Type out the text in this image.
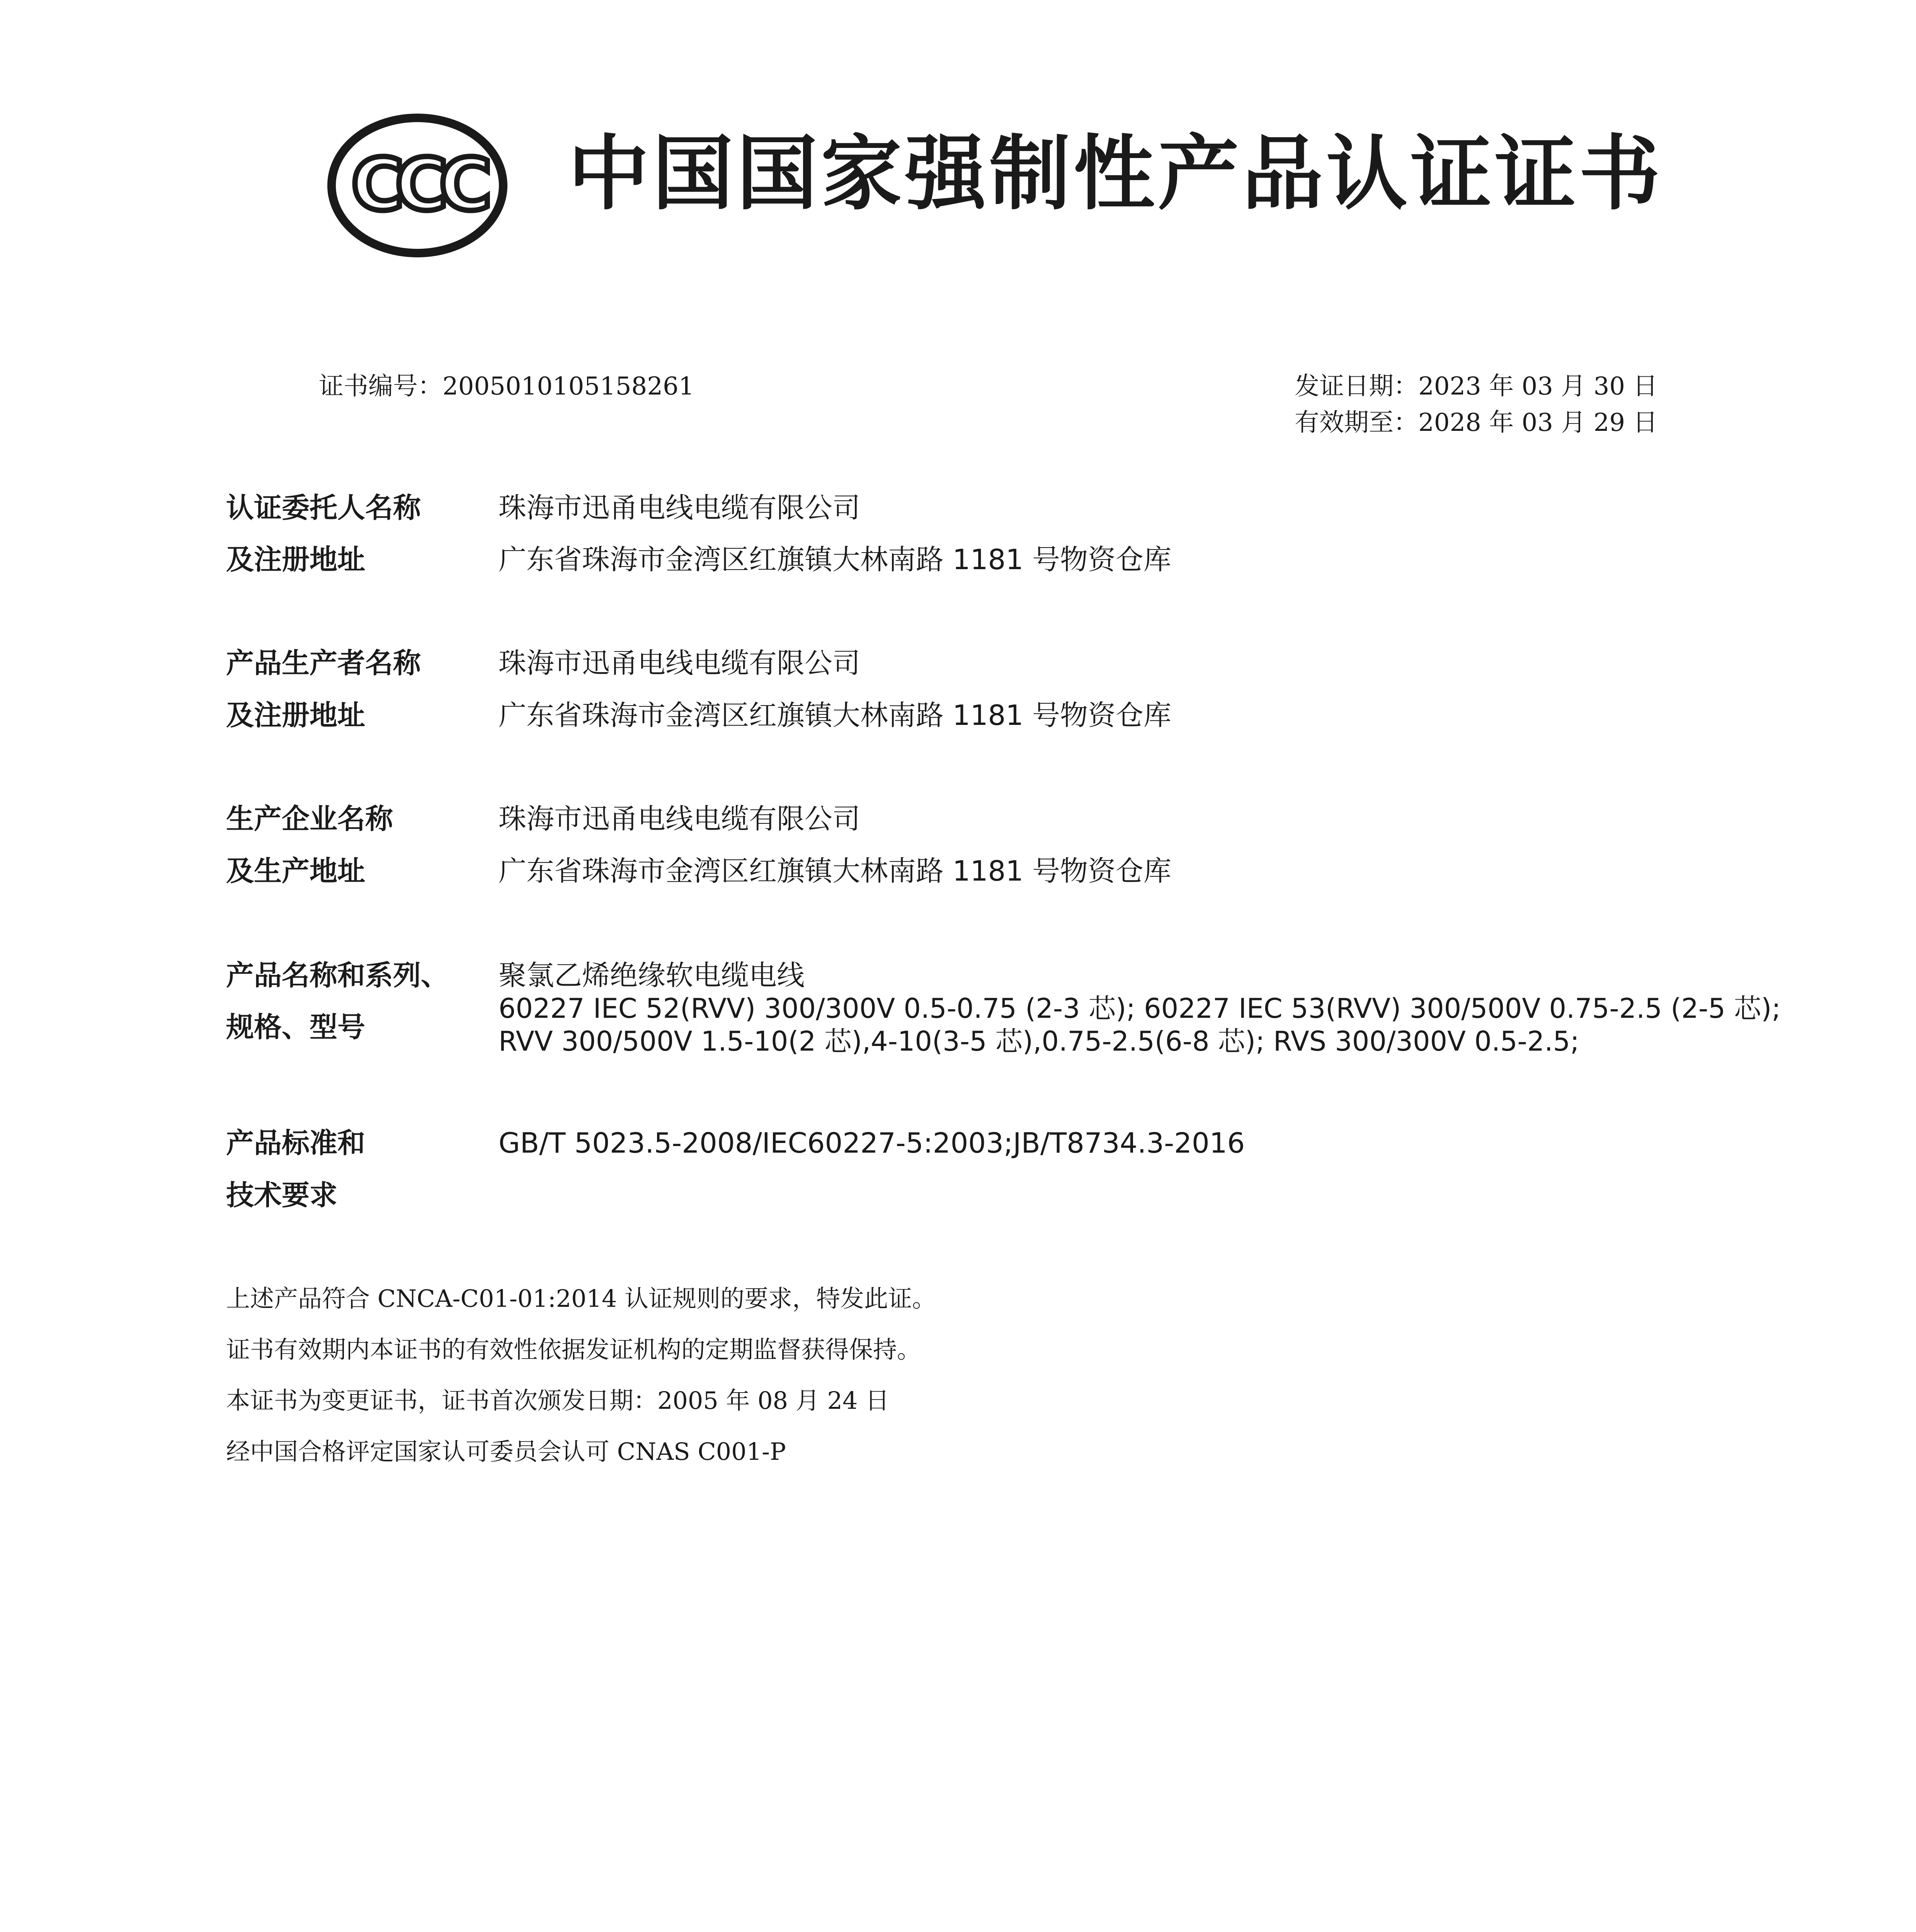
CCC 中国国家强制性产品认证证书
证书编号：2005010105158261	发证日期：2023 年 03 月 30 日
有效期至：2028 年 03 月 29 日
认证委托人名称
及注册地址
珠海市迅甬电线电缆有限公司
广东省珠海市金湾区红旗镇大林南路 1181 号物资仓库
产品生产者名称
及注册地址
珠海市迅甬电线电缆有限公司
广东省珠海市金湾区红旗镇大林南路 1181 号物资仓库
生产企业名称
及生产地址
珠海市迅甬电线电缆有限公司
广东省珠海市金湾区红旗镇大林南路 1181 号物资仓库
产品名称和系列、
规格、型号
聚氯乙烯绝缘软电缆电线
60227 IEC 52(RVV) 300/300V 0.5-0.75 (2-3 芯); 60227 IEC 53(RVV) 300/500V 0.75-2.5 (2-5 芯);
RVV 300/500V 1.5-10(2 芯),4-10(3-5 芯),0.75-2.5(6-8 芯); RVS 300/300V 0.5-2.5;
产品标准和
技术要求
GB/T 5023.5-2008/IEC60227-5:2003;JB/T8734.3-2016
上述产品符合 CNCA-C01-01:2014 认证规则的要求，特发此证。
证书有效期内本证书的有效性依据发证机构的定期监督获得保持。
本证书为变更证书，证书首次颁发日期：2005 年 08 月 24 日
经中国合格评定国家认可委员会认可 CNAS C001-P
